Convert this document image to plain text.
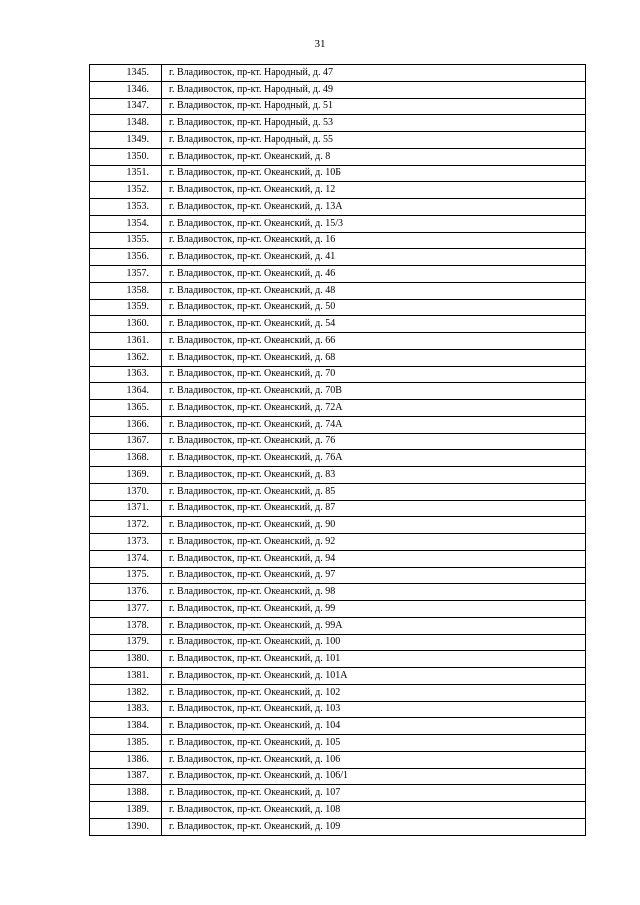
31
1345.	г. Владивосток, пр-кт. Народный, д. 47
1346.	г. Владивосток, пр-кт. Народный, д. 49
1347.	г. Владивосток, пр-кт. Народный, д. 51
1348.	г. Владивосток, пр-кт. Народный, д. 53
1349.	г. Владивосток, пр-кт. Народный, д. 55
1350.	г. Владивосток, пр-кт. Океанский, д. 8
1351.	г. Владивосток, пр-кт. Океанский, д. 10Б
1352.	г. Владивосток, пр-кт. Океанский, д. 12
1353.	г. Владивосток, пр-кт. Океанский, д. 13А
1354.	г. Владивосток, пр-кт. Океанский, д. 15/3
1355.	г. Владивосток, пр-кт. Океанский, д. 16
1356.	г. Владивосток, пр-кт. Океанский, д. 41
1357.	г. Владивосток, пр-кт. Океанский, д. 46
1358.	г. Владивосток, пр-кт. Океанский, д. 48
1359.	г. Владивосток, пр-кт. Океанский, д. 50
1360.	г. Владивосток, пр-кт. Океанский, д. 54
1361.	г. Владивосток, пр-кт. Океанский, д. 66
1362.	г. Владивосток, пр-кт. Океанский, д. 68
1363.	г. Владивосток, пр-кт. Океанский, д. 70
1364.	г. Владивосток, пр-кт. Океанский, д. 70В
1365.	г. Владивосток, пр-кт. Океанский, д. 72А
1366.	г. Владивосток, пр-кт. Океанский, д. 74А
1367.	г. Владивосток, пр-кт. Океанский, д. 76
1368.	г. Владивосток, пр-кт. Океанский, д. 76А
1369.	г. Владивосток, пр-кт. Океанский, д. 83
1370.	г. Владивосток, пр-кт. Океанский, д. 85
1371.	г. Владивосток, пр-кт. Океанский, д. 87
1372.	г. Владивосток, пр-кт. Океанский, д. 90
1373.	г. Владивосток, пр-кт. Океанский, д. 92
1374.	г. Владивосток, пр-кт. Океанский, д. 94
1375.	г. Владивосток, пр-кт. Океанский, д. 97
1376.	г. Владивосток, пр-кт. Океанский, д. 98
1377.	г. Владивосток, пр-кт. Океанский, д. 99
1378.	г. Владивосток, пр-кт. Океанский, д. 99А
1379.	г. Владивосток, пр-кт. Океанский, д. 100
1380.	г. Владивосток, пр-кт. Океанский, д. 101
1381.	г. Владивосток, пр-кт. Океанский, д. 101А
1382.	г. Владивосток, пр-кт. Океанский, д. 102
1383.	г. Владивосток, пр-кт. Океанский, д. 103
1384.	г. Владивосток, пр-кт. Океанский, д. 104
1385.	г. Владивосток, пр-кт. Океанский, д. 105
1386.	г. Владивосток, пр-кт. Океанский, д. 106
1387.	г. Владивосток, пр-кт. Океанский, д. 106/1
1388.	г. Владивосток, пр-кт. Океанский, д. 107
1389.	г. Владивосток, пр-кт. Океанский, д. 108
1390.	г. Владивосток, пр-кт. Океанский, д. 109
